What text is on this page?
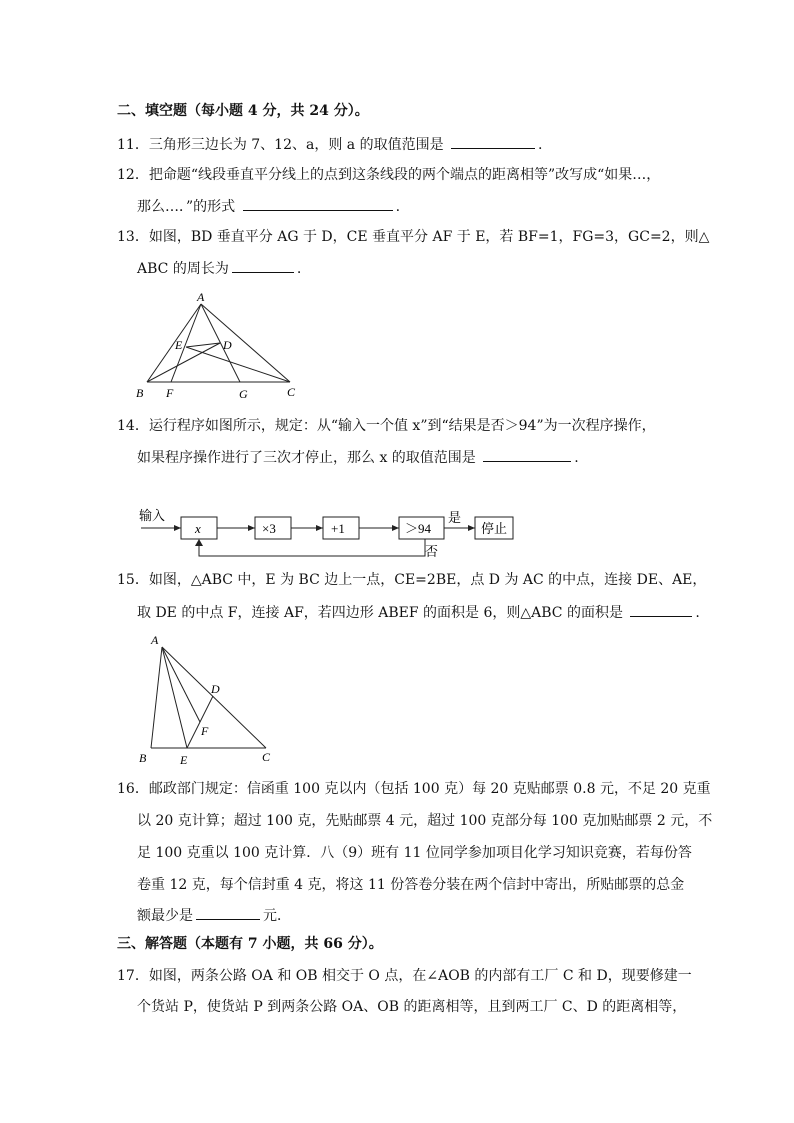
二、填空题（每小题 4 分，共 24 分）。
11．三角形三边长为 7、12、a，则 a 的取值范围是	.
12．把命题“线段垂直平分线上的点到这条线段的两个端点的距离相等”改写成“如果…，
那么…．”的形式	.
13．如图，BD 垂直平分 AG 于 D，CE 垂直平分 AF 于 E，若 BF=1，FG=3，GC=2，则△
ABC 的周长为	.
A
E	D
B F	G	C
14．运行程序如图所示，规定：从“输入一个值 x”到“结果是否＞94”为一次程序操作，
如果程序操作进行了三次才停止，那么 x 的取值范围是	.
输入
x	×3	+1	＞94
是
停止
否
15．如图，△ABC 中，E 为 BC 边上一点，CE=2BE，点 D 为 AC 的中点，连接 DE、AE，
取 DE 的中点 F，连接 AF，若四边形 ABEF 的面积是 6，则△ABC 的面积是	.
A
D
F
B	E	C
16．邮政部门规定：信函重 100 克以内（包括 100 克）每 20 克贴邮票 0.8 元，不足 20 克重
以 20 克计算；超过 100 克，先贴邮票 4 元，超过 100 克部分每 100 克加贴邮票 2 元，不
足 100 克重以 100 克计算．八（9）班有 11 位同学参加项目化学习知识竞赛，若每份答
卷重 12 克，每个信封重 4 克，将这 11 份答卷分装在两个信封中寄出，所贴邮票的总金
额最少是	元．
三、解答题（本题有 7 小题，共 66 分）。
17．如图，两条公路 OA 和 OB 相交于 O 点，在∠AOB 的内部有工厂 C 和 D，现要修建一
个货站 P，使货站 P 到两条公路 OA、OB 的距离相等，且到两工厂 C、D 的距离相等，
